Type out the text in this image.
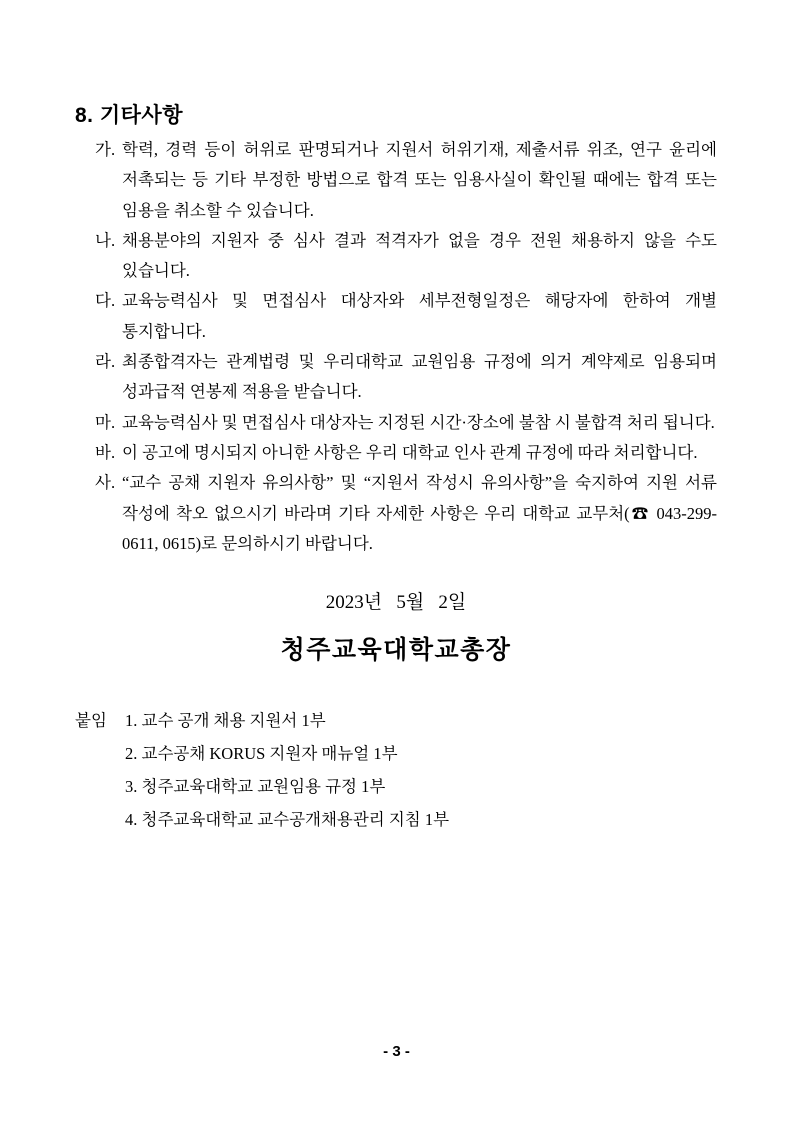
8. 기타사항
가. 학력, 경력 등이 허위로 판명되거나 지원서 허위기재, 제출서류 위조, 연구 윤리에 저촉되는 등 기타 부정한 방법으로 합격 또는 임용사실이 확인될 때에는 합격 또는 임용을 취소할 수 있습니다.
나. 채용분야의 지원자 중 심사 결과 적격자가 없을 경우 전원 채용하지 않을 수도 있습니다.
다. 교육능력심사 및 면접심사 대상자와 세부전형일정은 해당자에 한하여 개별 통지합니다.
라. 최종합격자는 관계법령 및 우리대학교 교원임용 규정에 의거 계약제로 임용되며 성과급적 연봉제 적용을 받습니다.
마. 교육능력심사 및 면접심사 대상자는 지정된 시간·장소에 불참 시 불합격 처리 됩니다.
바. 이 공고에 명시되지 아니한 사항은 우리 대학교 인사 관계 규정에 따라 처리합니다.
사. “교수 공채 지원자 유의사항” 및 “지원서 작성시 유의사항”을 숙지하여 지원 서류 작성에 착오 없으시기 바라며 기타 자세한 사항은 우리 대학교 교무처(☎ 043-299-0611, 0615)로 문의하시기 바랍니다.
2023년   5월   2일
청주교육대학교총장
붙임	1. 교수 공개 채용 지원서 1부
2. 교수공채 KORUS 지원자 매뉴얼 1부
3. 청주교육대학교 교원임용 규정 1부
4. 청주교육대학교 교수공개채용관리 지침 1부
- 3 -
